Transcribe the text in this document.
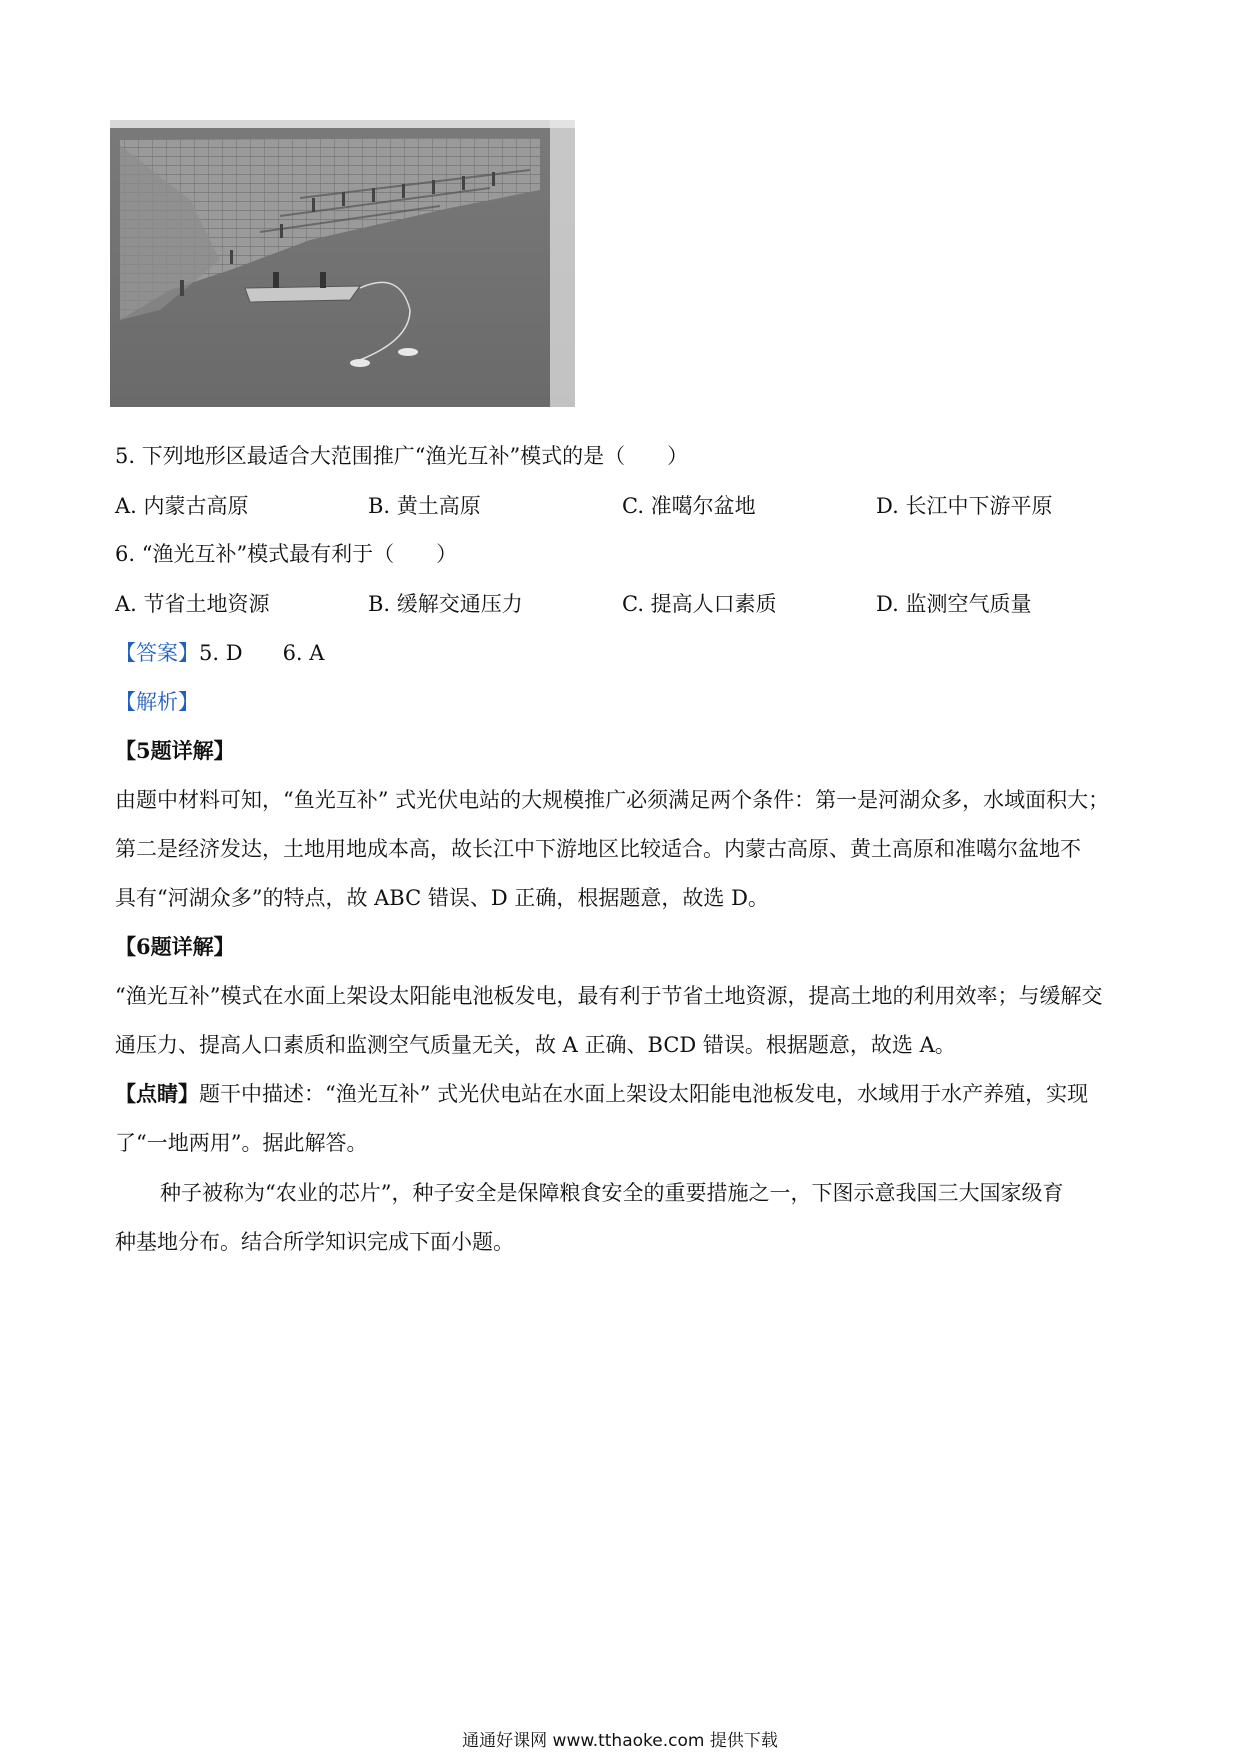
5. 下列地形区最适合大范围推广“渔光互补”模式的是（　　）
A. 内蒙古高原	B. 黄土高原	C. 准噶尔盆地	D. 长江中下游平原
6. “渔光互补”模式最有利于（　　）
A. 节省土地资源	B. 缓解交通压力	C. 提高人口素质	D. 监测空气质量
【答案】5. D 6. A
【解析】
【5题详解】
由题中材料可知，“鱼光互补” 式光伏电站的大规模推广必须满足两个条件：第一是河湖众多，水域面积大；
第二是经济发达，土地用地成本高，故长江中下游地区比较适合。内蒙古高原、黄土高原和准噶尔盆地不
具有“河湖众多”的特点，故 ABC 错误、D 正确，根据题意，故选 D。
【6题详解】
“渔光互补”模式在水面上架设太阳能电池板发电，最有利于节省土地资源，提高土地的利用效率；与缓解交
通压力、提高人口素质和监测空气质量无关，故 A 正确、BCD 错误。根据题意，故选 A。
【点睛】题干中描述：“渔光互补” 式光伏电站在水面上架设太阳能电池板发电，水域用于水产养殖，实现
了“一地两用”。据此解答。
种子被称为“农业的芯片”，种子安全是保障粮食安全的重要措施之一，下图示意我国三大国家级育
种基地分布。结合所学知识完成下面小题。
通通好课网 www.tthaoke.com 提供下载
